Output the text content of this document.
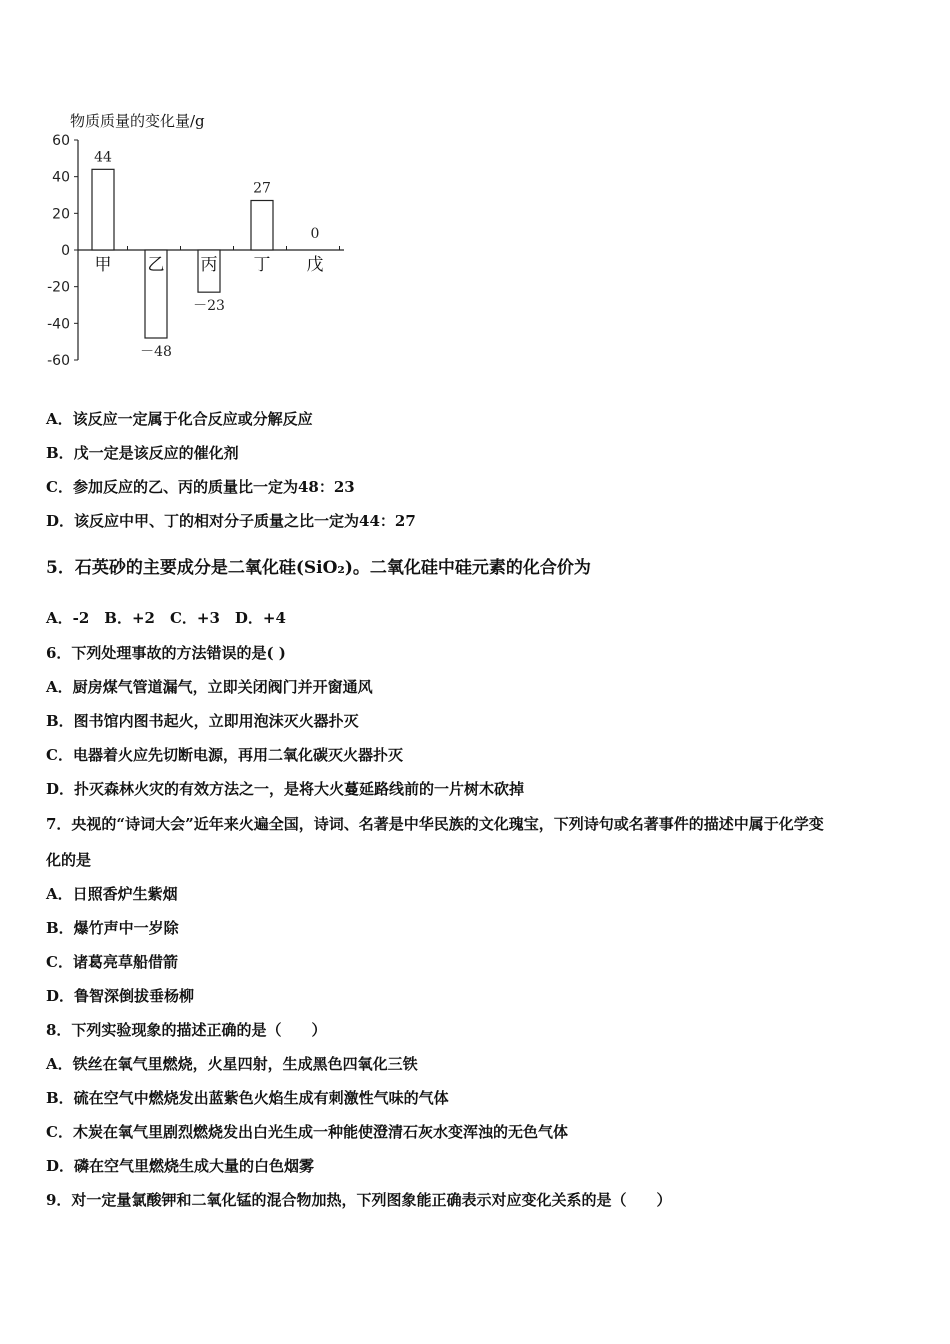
物质质量的变化量/g
60
40
20
0
-20
-40
-60
甲
44
乙
－48
丙
－23
丁
27
戊
0
A．该反应一定属于化合反应或分解反应
B．戊一定是该反应的催化剂
C．参加反应的乙、丙的质量比一定为48：23
D．该反应中甲、丁的相对分子质量之比一定为44：27
5．石英砂的主要成分是二氧化硅(SiO₂)。二氧化硅中硅元素的化合价为
A．-2　B．+2　C．+3　D．+4
6．下列处理事故的方法错误的是( )
A．厨房煤气管道漏气，立即关闭阀门并开窗通风
B．图书馆内图书起火，立即用泡沫灭火器扑灭
C．电器着火应先切断电源，再用二氧化碳灭火器扑灭
D．扑灭森林火灾的有效方法之一，是将大火蔓延路线前的一片树木砍掉
7．央视的“诗词大会”近年来火遍全国，诗词、名著是中华民族的文化瑰宝，下列诗句或名著事件的描述中属于化学变
化的是
A．日照香炉生紫烟
B．爆竹声中一岁除
C．诸葛亮草船借箭
D．鲁智深倒拔垂杨柳
8．下列实验现象的描述正确的是（　　）
A．铁丝在氧气里燃烧，火星四射，生成黑色四氧化三铁
B．硫在空气中燃烧发出蓝紫色火焰生成有刺激性气味的气体
C．木炭在氧气里剧烈燃烧发出白光生成一种能使澄清石灰水变浑浊的无色气体
D．磷在空气里燃烧生成大量的白色烟雾
9．对一定量氯酸钾和二氧化锰的混合物加热，下列图象能正确表示对应变化关系的是（　　）
